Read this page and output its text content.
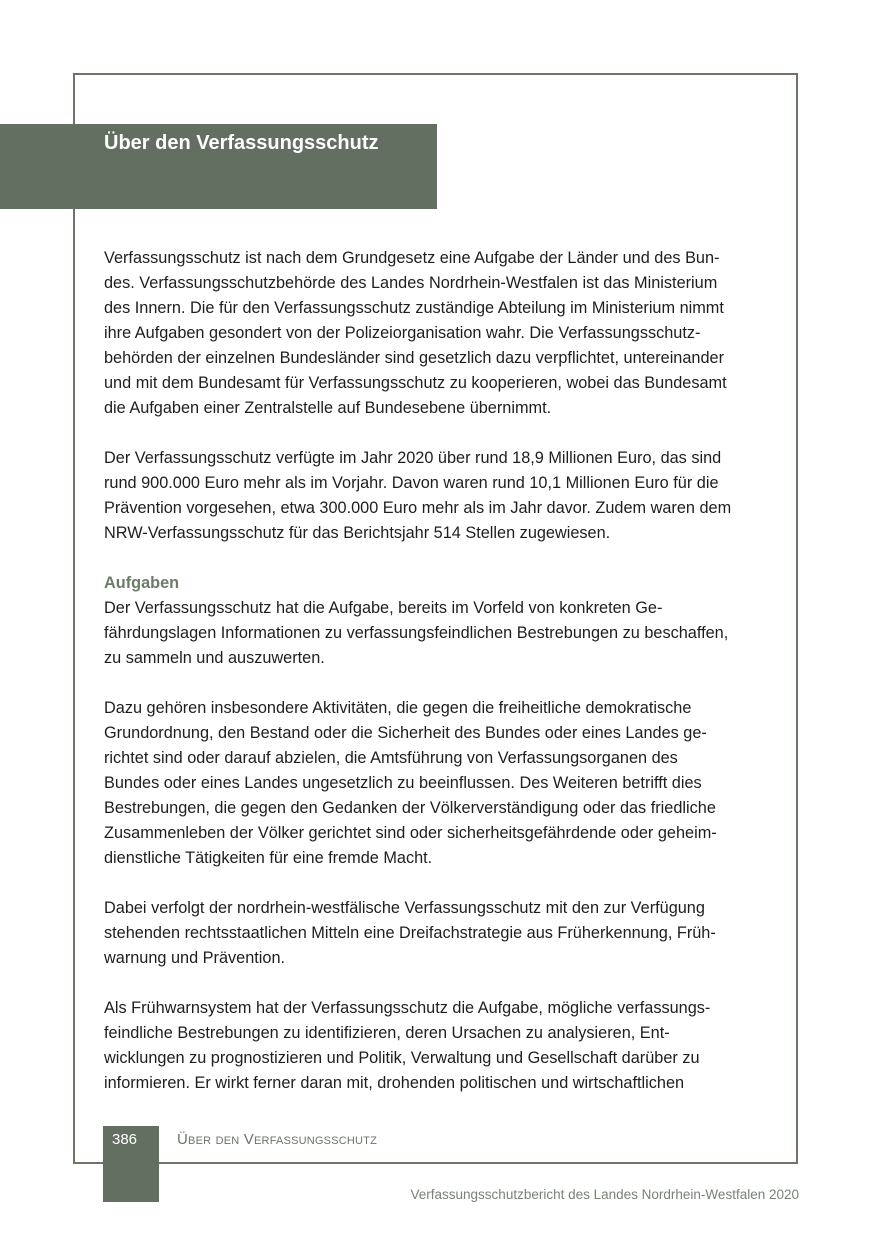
Über den Verfassungsschutz

Verfassungsschutz ist nach dem Grundgesetz eine Aufgabe der Länder und des Bun-
des. Verfassungsschutzbehörde des Landes Nordrhein-Westfalen ist das Ministerium
des Innern. Die für den Verfassungsschutz zuständige Abteilung im Ministerium nimmt
ihre Aufgaben gesondert von der Polizeiorganisation wahr. Die Verfassungsschutz-
behörden der einzelnen Bundesländer sind gesetzlich dazu verpflichtet, untereinander
und mit dem Bundesamt für Verfassungsschutz zu kooperieren, wobei das Bundesamt
die Aufgaben einer Zentralstelle auf Bundesebene übernimmt.

Der Verfassungsschutz verfügte im Jahr 2020 über rund 18,9 Millionen Euro, das sind
rund 900.000 Euro mehr als im Vorjahr. Davon waren rund 10,1 Millionen Euro für die
Prävention vorgesehen, etwa 300.000 Euro mehr als im Jahr davor. Zudem waren dem
NRW-Verfassungsschutz für das Berichtsjahr 514 Stellen zugewiesen.

Aufgaben
Der Verfassungsschutz hat die Aufgabe, bereits im Vorfeld von konkreten Ge-
fährdungslagen Informationen zu verfassungsfeindlichen Bestrebungen zu beschaffen,
zu sammeln und auszuwerten.

Dazu gehören insbesondere Aktivitäten, die gegen die freiheitliche demokratische
Grundordnung, den Bestand oder die Sicherheit des Bundes oder eines Landes ge-
richtet sind oder darauf abzielen, die Amtsführung von Verfassungsorganen des
Bundes oder eines Landes ungesetzlich zu beeinflussen. Des Weiteren betrifft dies
Bestrebungen, die gegen den Gedanken der Völkerverständigung oder das friedliche
Zusammenleben der Völker gerichtet sind oder sicherheitsgefährdende oder geheim-
dienstliche Tätigkeiten für eine fremde Macht.

Dabei verfolgt der nordrhein-westfälische Verfassungsschutz mit den zur Verfügung
stehenden rechtsstaatlichen Mitteln eine Dreifachstrategie aus Früherkennung, Früh-
warnung und Prävention.

Als Frühwarnsystem hat der Verfassungsschutz die Aufgabe, mögliche verfassungs-
feindliche Bestrebungen zu identifizieren, deren Ursachen zu analysieren, Ent-
wicklungen zu prognostizieren und Politik, Verwaltung und Gesellschaft darüber zu
informieren. Er wirkt ferner daran mit, drohenden politischen und wirtschaftlichen

386	Über den Verfassungsschutz
Verfassungsschutzbericht des Landes Nordrhein-Westfalen 2020
